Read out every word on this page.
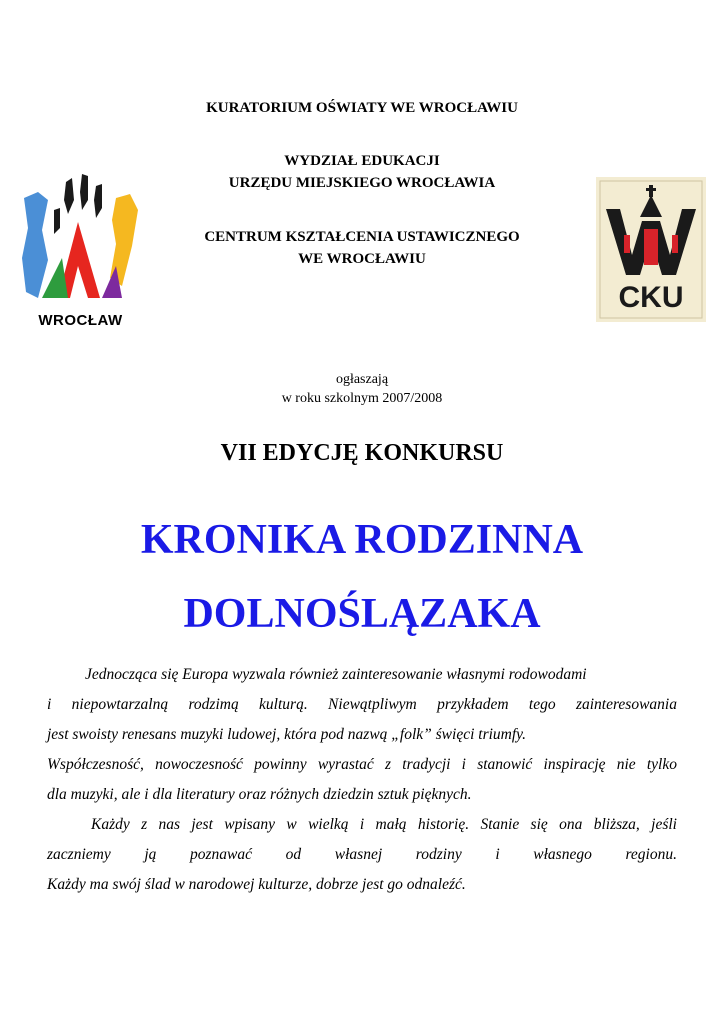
KURATORIUM OŚWIATY WE WROCŁAWIU
WYDZIAŁ EDUKACJI
URZĘDU MIEJSKIEGO WROCŁAWIA
CENTRUM KSZTAŁCENIA USTAWICZNEGO
WE WROCŁAWIU
WROCŁAW
CKU
ogłaszają
w roku szkolnym 2007/2008
VII EDYCJĘ KONKURSU
KRONIKA RODZINNA
DOLNOŚLĄZAKA
Jednocząca się Europa wyzwala również zainteresowanie własnymi rodowodami
i niepowtarzalną rodzimą kulturą. Niewątpliwym przykładem tego zainteresowania
jest swoisty renesans muzyki ludowej, która pod nazwą „folk” święci triumfy.
Współczesność, nowoczesność powinny wyrastać z tradycji i stanowić inspirację nie tylko
dla muzyki, ale i dla literatury oraz różnych dziedzin sztuk pięknych.
Każdy z nas jest wpisany w wielką i małą historię. Stanie się ona bliższa, jeśli
zaczniemy ją poznawać od własnej rodziny i własnego regionu.
Każdy ma swój ślad w narodowej kulturze, dobrze jest go odnaleźć.
